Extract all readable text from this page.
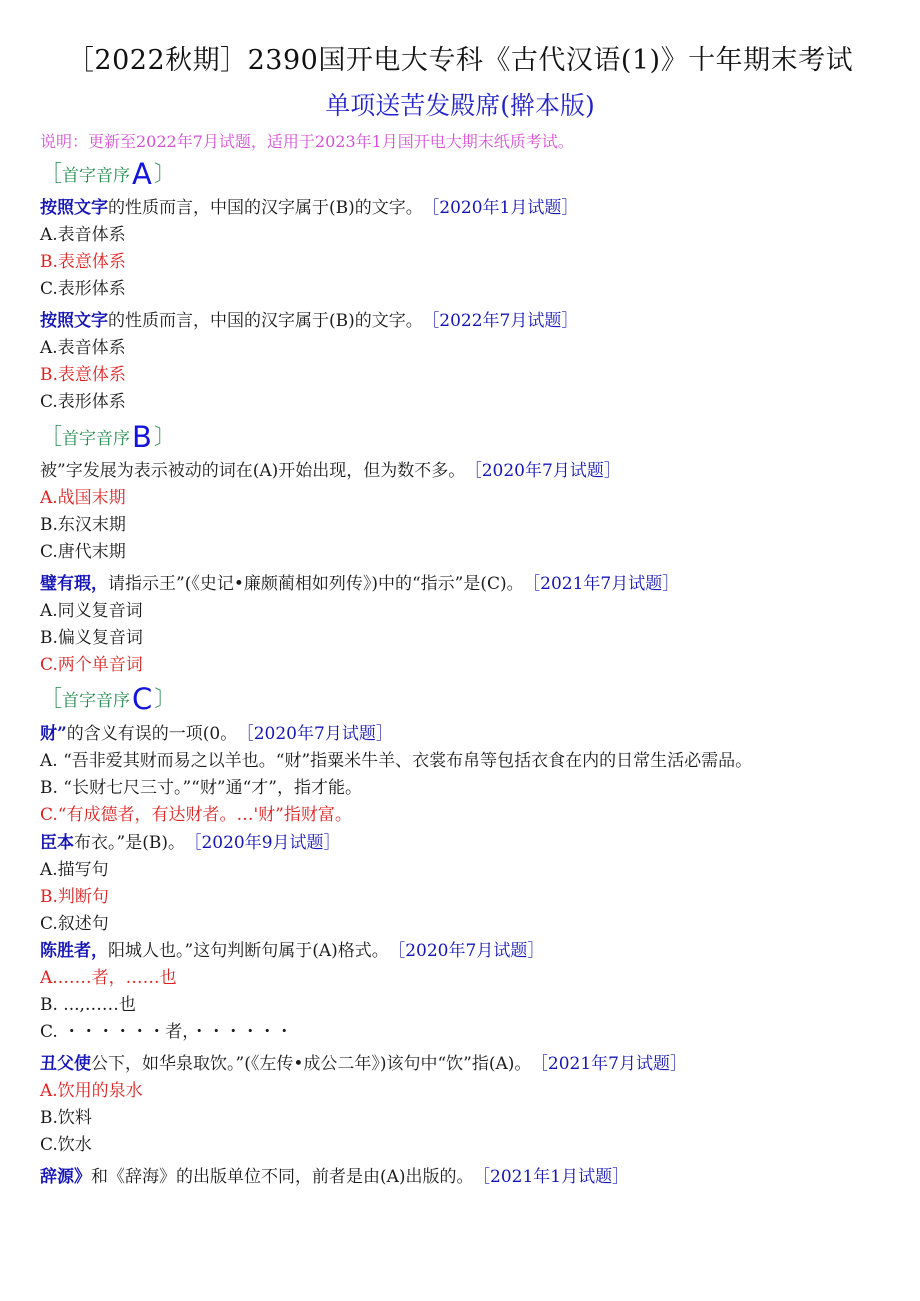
［2022秋期］2390国开电大专科《古代汉语(1)》十年期末考试
单项送苦发殿席(擀本版)
说明：更新至2022年7月试题，适用于2023年1月国开电大期末纸质考试。
［首字音序A〕
按照文字的性质而言，中国的汉字属于(B)的文字。 ［2020年1月试题］
A.表音体系
B.表意体系
C.表形体系
按照文字的性质而言，中国的汉字属于(B)的文字。 ［2022年7月试题］
A.表音体系
B.表意体系
C.表形体系
［首字音序B〕
被”字发展为表示被动的词在(A)开始出现，但为数不多。 ［2020年7月试题］
A.战国末期
B.东汉末期
C.唐代末期
璧有瑕，请指示王”(《史记•廉颇蔺相如列传》)中的“指示”是(C)。 ［2021年7月试题］
A.同义复音词
B.偏义复音词
C.两个单音词
［首字音序C〕
财”的含义有误的一项(0。 ［2020年7月试题］
A. “吾非爱其财而易之以羊也。“财”指粟米牛羊、衣裳布帛等包括衣食在内的日常生活必需品。
B. “长财七尺三寸。”“财”通“才”，指才能。
C.“有成德者，有达财者。…'财”指财富。
臣本布衣。”是(B)。 ［2020年9月试题］
A.描写句
B.判断句
C.叙述句
陈胜者，阳城人也。”这句判断句属于(A)格式。 ［2020年7月试题］
A.……者，……也
B. ...,……也
C. ・・・・・・者，・・・・・・
丑父使公下，如华泉取饮。”(《左传•成公二年》)该句中“饮”指(A)。 ［2021年7月试题］
A.饮用的泉水
B.饮料
C.饮水
辞源》和《辞海》的出版单位不同，前者是由(A)出版的。 ［2021年1月试题］
